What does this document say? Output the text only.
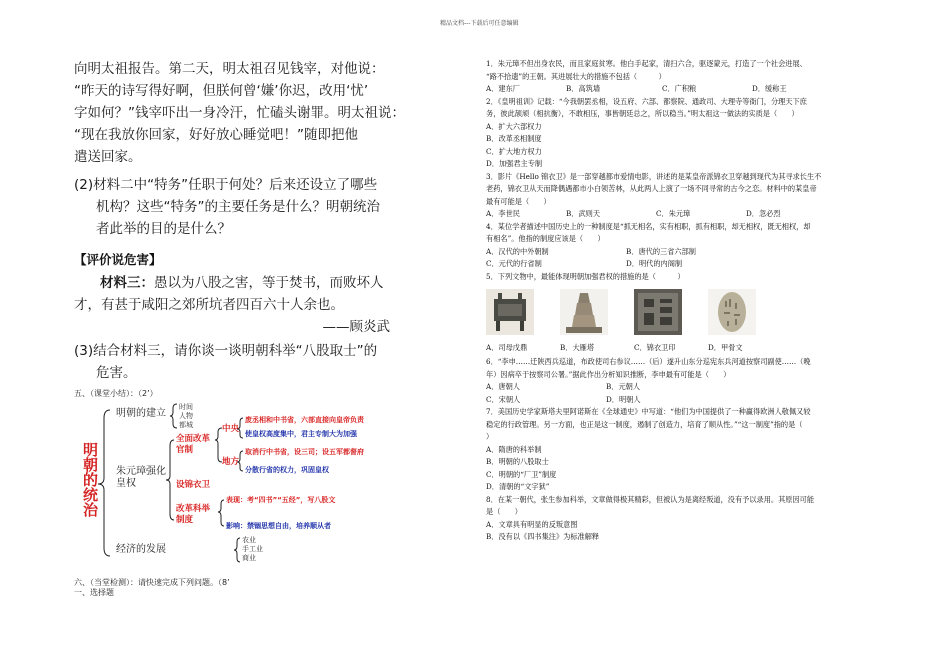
精品文档---下载后可任意编辑

向明太祖报告。第二天，明太祖召见钱宰，对他说：
“昨天的诗写得好啊，但朕何曾‘嫌’你迟，改用‘忧’
字如何？”钱宰吓出一身冷汗，忙磕头谢罪。明太祖说：
“现在我放你回家，好好放心睡觉吧！”随即把他
遣送回家。

(2)材料二中“特务”任职于何处？后来还设立了哪些
机构？这些“特务”的主要任务是什么？明朝统治
者此举的目的是什么？
【评价说危害】
材料三：愚以为八股之害，等于焚书，而败坏人
才，有甚于咸阳之郊所坑者四百六十人余也。
——顾炎武
(3)结合材料三，请你谈一谈明朝科举“八股取士”的
危害。
五、（课堂小结）：（2’）
明朝的统治
明朝的建立
时间
人物
都城
朱元璋强化皇权
全面改革官制
中央
废丞相和中书省，六部直接向皇帝负责
使皇权高度集中，君主专制大为加强
地方
取消行中书省，设三司；设五军都督府
分散行省的权力，巩固皇权
设锦衣卫
改革科举制度
表现：考“四书”“五经”，写八股文
影响：禁锢思想自由，培养顺从者
经济的发展
农业
手工业
商业
六、（当堂检测）：请快速完成下列问题。（8’
一、选择题

1．朱元璋不但出身农民，而且家庭贫寒。他白手起家，清扫六合，驱逐蒙元，打造了一个社会进展、

“路不拾遗”的王朝。其进展壮大的措施不包括（　　　）

A．建东厂	B．高筑墙	C．广积粮	D．缓称王

2．《皇明祖训》记载：“今我朝罢丞相，设五府、六部、都察院、通政司、大理寺等衙门，分理天下庶

务，彼此颉颃（相抗衡），不敢相压，事皆朝廷总之，所以稳当。”明太祖这一做法的实质是（　　）

A．扩大六部权力

B．改革丞相制度

C．扩大地方权力

D．加强君主专制

3．影片《Hello 锦衣卫》是一部穿越都市爱情电影，讲述的是某皇帝派锦衣卫穿越到现代为其寻求长生不

老药，锦衣卫从天而降偶遇都市小白领苦林，从此两人上演了一场不同寻常的古今之恋。材料中的某皇帝

最有可能是（　　）

A．李世民	B．武则天	C．朱元璋	D．忽必烈

4．某位学者描述中国历史上的一种制度是“抓无相名，实有相职，抓有相职，却无相权，既无相权，却

有相名”。他指的制度应该是（　　）

A．汉代的中外朝制	B．唐代的三省六部制
C．元代的行省制	D．明代的内阁制

5．下列文物中，最能体现明朝加强君权的措施的是（　　　）

A．司母戊鼎	B．大雁塔	C．锦衣卫印	D．甲骨文

6．“李申……迁陕西兵巡道，布政使司右参议……（后）遂升山东分巡宪东兵河道按察司副使……（晚

年）因病卒于按察司公署。”据此作出分析知识推断，李申最有可能是（　　）

A．唐朝人	B．元朝人
C．宋朝人	D．明朝人

7．美国历史学家斯塔夫里阿诺斯在《全球通史》中写道：“他们为中国提供了一种赢得欧洲人敬佩又较

稳定的行政管理。另一方面，也正是这一制度，遏制了创造力，培育了顺从性。”“这一制度”指的是（

）

A．隋唐的科举制

B．明朝的八股取士

C．明朝的“厂卫”制度

D．清朝的“文字狱”

8．在某一朝代，张生参加科举，文章做得极其精彩，但被认为是离经叛道，没有予以录用。其原因可能

是（　　）

A．文章具有明显的反叛意图

B．没有以《四书集注》为标准解释
